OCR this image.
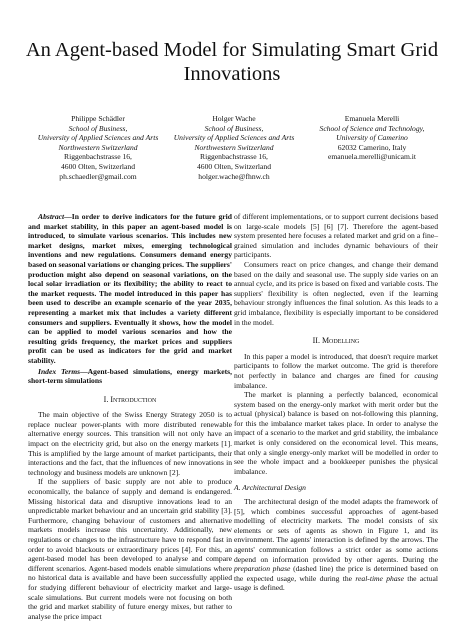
An Agent-based Model for Simulating Smart Grid Innovations
Philippe Schädler
School of Business,
University of Applied Sciences and Arts
Northwestern Switzerland
Riggenbachstrasse 16,
4600 Olten, Switzerland
ph.schaedler@gmail.com
Holger Wache
School of Business,
University of Applied Sciences and Arts
Northwestern Switzerland
Riggenbachstrasse 16,
4600 Olten, Switzerland
holger.wache@fhnw.ch
Emanuela Merelli
School of Science and Technology,
University of Camerino
62032 Camerino, Italy
emanuela.merelli@unicam.it

Abstract—In order to derive indicators for the future grid and market stability, in this paper an agent-based model is introduced, to simulate various scenarios. This includes new market designs, market mixes, emerging technological inventions and new regulations. Consumers demand energy based on seasonal variations or changing prices. The suppliers' production might also depend on seasonal variations, on the local solar irradiation or its flexibility; the ability to react to the market requests. The model introduced in this paper has been used to describe an example scenario of the year 2035, representing a market mix that includes a variety different consumers and suppliers. Eventually it shows, how the model can be applied to model various scenarios and how the resulting grids frequency, the market prices and suppliers profit can be used as indicators for the grid and market stability.

Index Terms—Agent-based simulations, energy markets, short-term simulations

I. Introduction

The main objective of the Swiss Energy Strategy 2050 is to replace nuclear power-plants with more distributed renewable alternative energy sources. This transition will not only have an impact on the electricity grid, but also on the energy markets [1]. This is amplified by the large amount of market participants, their interactions and the fact, that the influences of new innovations in technology and business models are unknown [2].

If the suppliers of basic supply are not able to produce economically, the balance of supply and demand is endangered. Missing historical data and disruptive innovations lead to an unpredictable market behaviour and an uncertain grid stability [3]. Furthermore, changing behaviour of customers and alternative markets models increase this uncertainty. Additionally, new regulations or changes to the infrastructure have to respond fast in order to avoid blackouts or extraordinary prices [4]. For this, an agent-based model has been developed to analyse and compare different scenarios. Agent-based models enable simulations where no historical data is available and have been successfully applied for studying different behaviour of electricity market and large-scale simulations. But current models were not focusing on both the grid and market stability of future energy mixes, but rather to analyse the price impact

of different implementations, or to support current decisions based on large-scale models [5] [6] [7]. Therefore the agent-based system presented here focuses a related market and grid on a fine–grained simulation and includes dynamic behaviours of their participants.

Consumers react on price changes, and change their demand based on the daily and seasonal use. The supply side varies on an annual cycle, and its price is based on fixed and variable costs. The suppliers' flexibility is often neglected, even if the learning behaviour strongly influences the final solution. As this leads to a grid imbalance, flexibility is especially important to be considered in the model.

II. Modelling

In this paper a model is introduced, that doesn't require market participants to follow the market outcome. The grid is therefore not perfectly in balance and charges are fined for causing imbalance.

The market is planning a perfectly balanced, economical system based on the energy-only market with merit order but the actual (physical) balance is based on not-following this planning, for this the imbalance market takes place. In order to analyse the impact of a scenario to the market and grid stability, the imbalance market is only considered on the economical level. This means, that only a single energy-only market will be modelled in order to see the whole impact and a bookkeeper punishes the physical imbalance.

A. Architectural Design

The architectural design of the model adapts the framework of [5], which combines successful approaches of agent-based modelling of electricity markets. The model consists of six elements or sets of agents as shown in Figure 1, and its environment. The agents' interaction is defined by the arrows. The agents' communication follows a strict order as some actions depend on information provided by other agents. During the preparation phase (dashed line) the price is determined based on the expected usage, while during the real-time phase the actual usage is defined.
